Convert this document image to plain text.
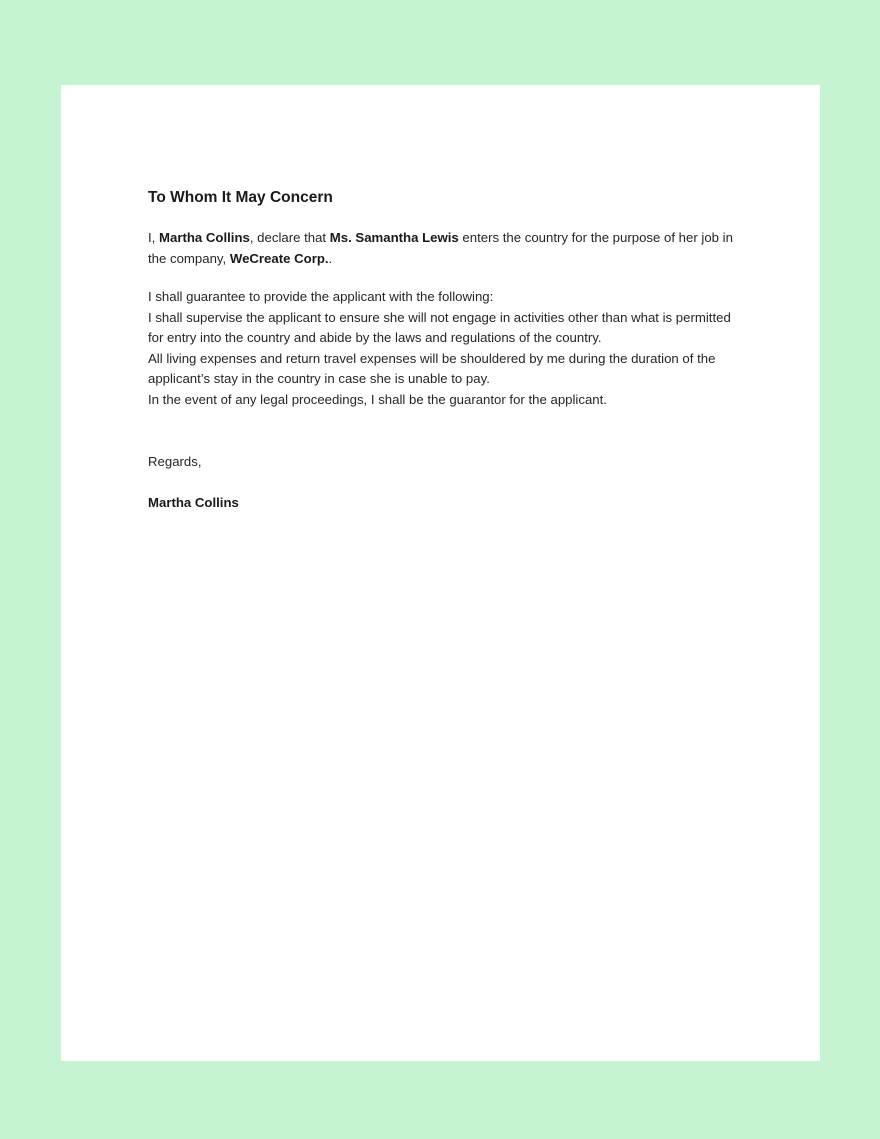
To Whom It May Concern

I, Martha Collins, declare that Ms. Samantha Lewis enters the country for the purpose of her job in the company, WeCreate Corp..

I shall guarantee to provide the applicant with the following:

I shall supervise the applicant to ensure she will not engage in activities other than what is permitted for entry into the country and abide by the laws and regulations of the country.

All living expenses and return travel expenses will be shouldered by me during the duration of the applicant’s stay in the country in case she is unable to pay.

In the event of any legal proceedings, I shall be the guarantor for the applicant.

Regards,

Martha Collins
